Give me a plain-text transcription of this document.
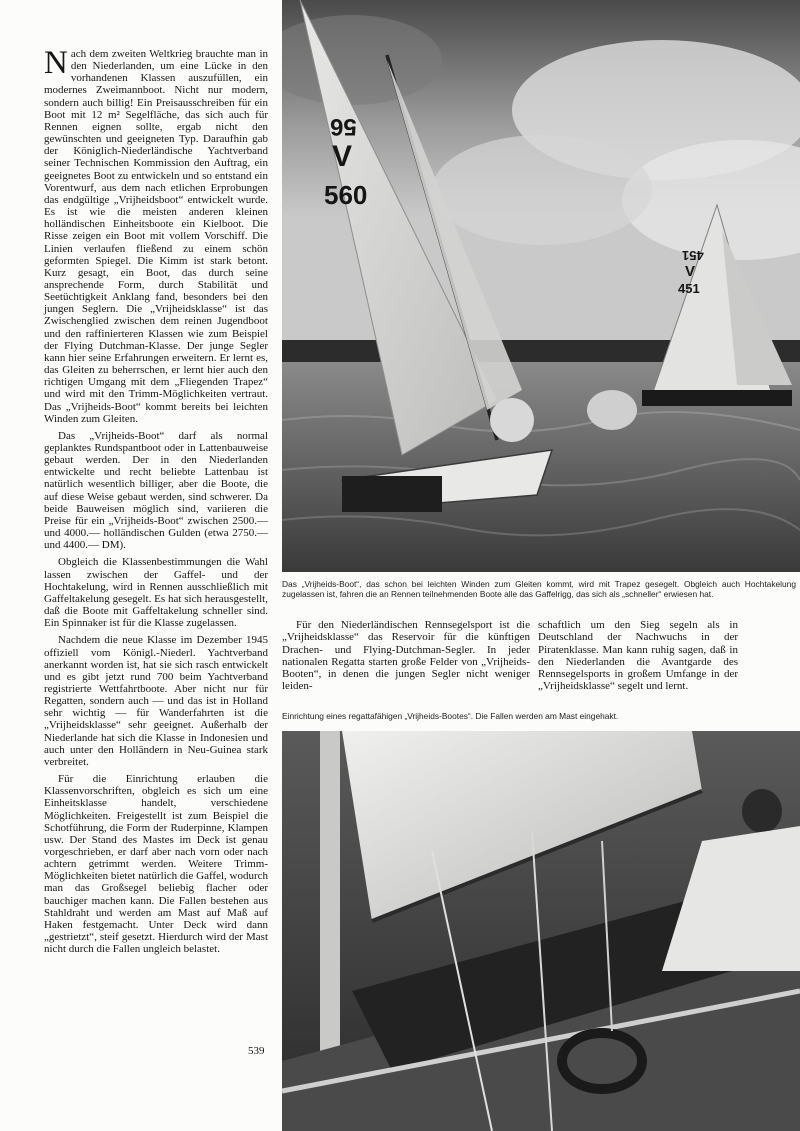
Nach dem zweiten Weltkrieg brauchte man in den Niederlanden, um eine Lücke in den vorhandenen Klassen auszufüllen, ein modernes Zweimannboot. Nicht nur modern, sondern auch billig! Ein Preisausschreiben für ein Boot mit 12 m² Segelfläche, das sich auch für Rennen eignen sollte, ergab nicht den gewünschten und geeigneten Typ. Daraufhin gab der Königlich-Niederländische Yachtverband seiner Technischen Kommission den Auftrag, ein geeignetes Boot zu entwickeln und so entstand ein Vorentwurf, aus dem nach etlichen Erprobungen das endgültige „Vrijheidsboot“ entwickelt wurde. Es ist wie die meisten anderen kleinen holländischen Einheitsboote ein Kielboot. Die Risse zeigen ein Boot mit vollem Vorschiff. Die Linien verlaufen fließend zu einem schön geformten Spiegel. Die Kimm ist stark betont. Kurz gesagt, ein Boot, das durch seine ansprechende Form, durch Stabilität und Seetüchtigkeit Anklang fand, besonders bei den jungen Seglern. Die „Vrijheidsklasse“ ist das Zwischenglied zwischen dem reinen Jugendboot und den raffinierteren Klassen wie zum Beispiel der Flying Dutchman-Klasse. Der junge Segler kann hier seine Erfahrungen erweitern. Er lernt es, das Gleiten zu beherrschen, er lernt hier auch den richtigen Umgang mit dem „Fliegenden Trapez“ und wird mit den Trimm-Möglichkeiten vertraut. Das „Vrijheids-Boot“ kommt bereits bei leichten Winden zum Gleiten.

Das „Vrijheids-Boot“ darf als normal geplanktes Rundspantboot oder in Lattenbauweise gebaut werden. Der in den Niederlanden entwickelte und recht beliebte Lattenbau ist natürlich wesentlich billiger, aber die Boote, die auf diese Weise gebaut werden, sind schwerer. Da beide Bauweisen möglich sind, variieren die Preise für ein „Vrijheids-Boot“ zwischen 2500.— und 4000.— holländischen Gulden (etwa 2750.— und 4400.— DM).

Obgleich die Klassenbestimmungen die Wahl lassen zwischen der Gaffel- und der Hochtakelung, wird in Rennen ausschließlich mit Gaffeltakelung gesegelt. Es hat sich herausgestellt, daß die Boote mit Gaffeltakelung schneller sind. Ein Spinnaker ist für die Klasse zugelassen.

Nachdem die neue Klasse im Dezember 1945 offiziell vom Königl.-Niederl. Yachtverband anerkannt worden ist, hat sie sich rasch entwickelt und es gibt jetzt rund 700 beim Yachtverband registrierte Wettfahrtboote. Aber nicht nur für Regatten, sondern auch — und das ist in Holland sehr wichtig — für Wanderfahrten ist die „Vrijheidsklasse“ sehr geeignet. Außerhalb der Niederlande hat sich die Klasse in Indonesien und auch unter den Holländern in Neu-Guinea stark verbreitet.

Für die Einrichtung erlauben die Klassenvorschriften, obgleich es sich um eine Einheitsklasse handelt, verschiedene Möglichkeiten. Freigestellt ist zum Beispiel die Schotführung, die Form der Ruderpinne, Klampen usw. Der Stand des Mastes im Deck ist genau vorgeschrieben, er darf aber nach vorn oder nach achtern getrimmt werden. Weitere Trimm-Möglichkeiten bietet natürlich die Gaffel, wodurch man das Großsegel beliebig flacher oder bauchiger machen kann. Die Fallen bestehen aus Stahldraht und werden am Mast auf Maß auf Haken festgemacht. Unter Deck wird dann „gestrietzt“, steif gesetzt. Hierdurch wird der Mast nicht durch die Fallen ungleich belastet.

539
56
V
560
451
V
451
Das „Vrijheids-Boot“, das schon bei leichten Winden zum Gleiten kommt, wird mit Trapez gesegelt. Obgleich auch Hochtakelung zugelassen ist, fahren die an Rennen teilnehmenden Boote alle das Gaffelrigg, das sich als „schneller“ erwiesen hat.

Für den Niederländischen Rennsegelsport ist die „Vrijheidsklasse“ das Reservoir für die künftigen Drachen- und Flying-Dutchman-Segler. In jeder nationalen Regatta starten große Felder von „Vrijheids-Booten“, in denen die jungen Segler nicht weniger leiden-

schaftlich um den Sieg segeln als in Deutschland der Nachwuchs in der Piratenklasse. Man kann ruhig sagen, daß in den Niederlanden die Avantgarde des Rennsegelsports in großem Umfange in der „Vrijheidsklasse“ segelt und lernt.

Einrichtung eines regattafähigen „Vrijheids-Bootes“. Die Fallen werden am Mast eingehakt.
